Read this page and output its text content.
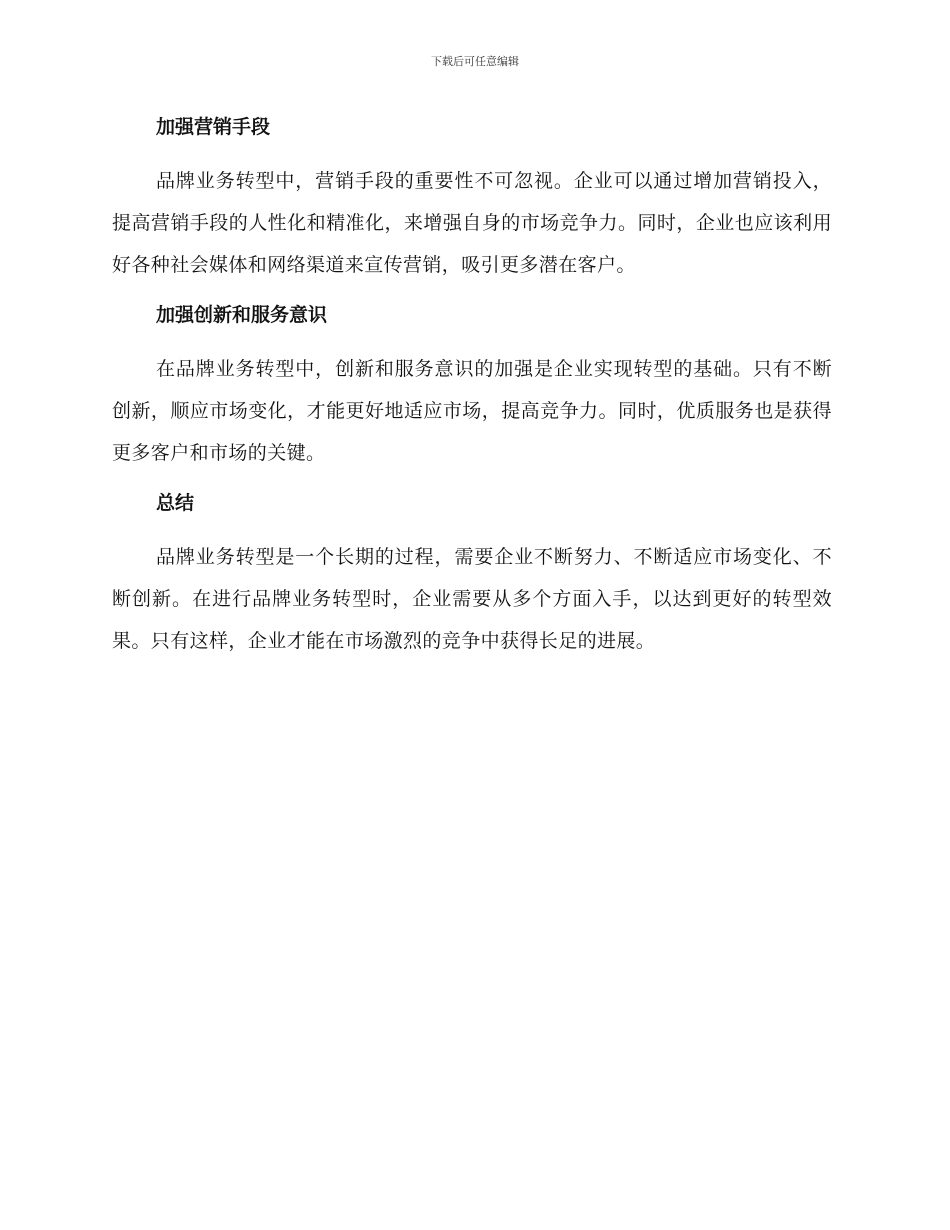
下载后可任意编辑
加强营销手段

品牌业务转型中，营销手段的重要性不可忽视。企业可以通过增加营销投入，提高营销手段的人性化和精准化，来增强自身的市场竞争力。同时，企业也应该利用好各种社会媒体和网络渠道来宣传营销，吸引更多潜在客户。

加强创新和服务意识

在品牌业务转型中，创新和服务意识的加强是企业实现转型的基础。只有不断创新，顺应市场变化，才能更好地适应市场，提高竞争力。同时，优质服务也是获得更多客户和市场的关键。

总结

品牌业务转型是一个长期的过程，需要企业不断努力、不断适应市场变化、不断创新。在进行品牌业务转型时，企业需要从多个方面入手，以达到更好的转型效果。只有这样，企业才能在市场激烈的竞争中获得长足的进展。
